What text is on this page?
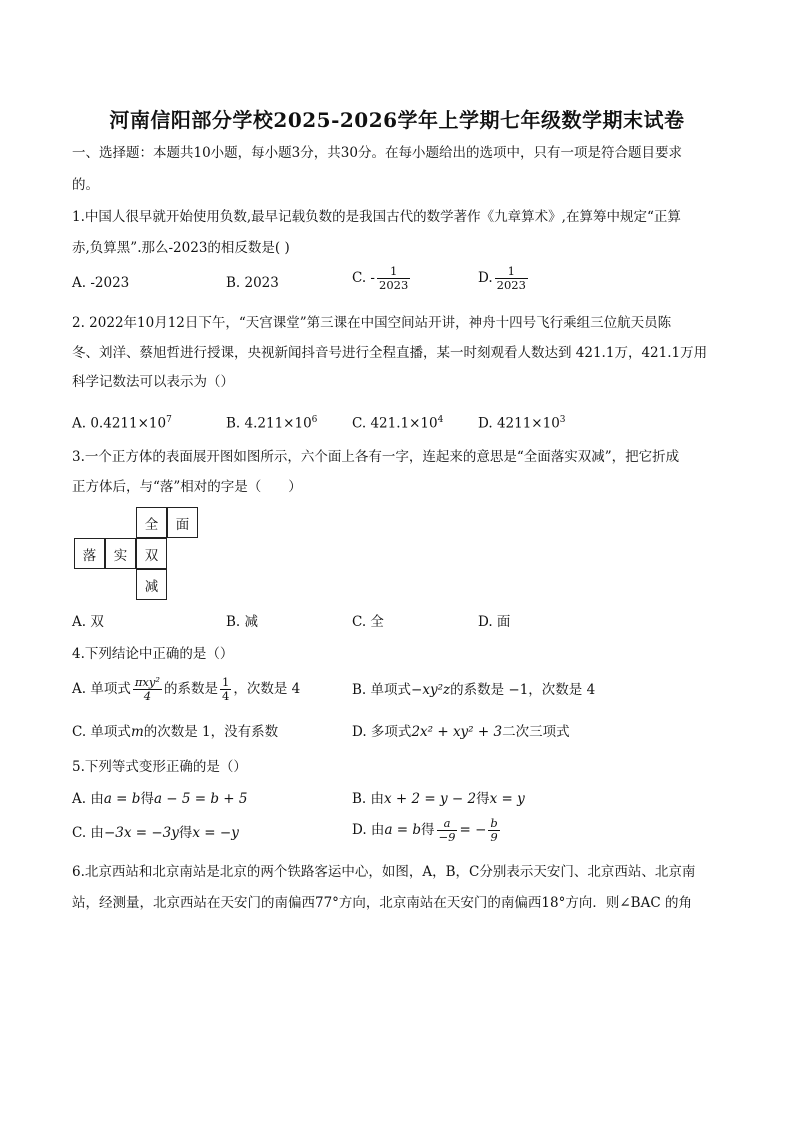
河南信阳部分学校2025-2026学年上学期七年级数学期末试卷
一、选择题：本题共10小题，每小题3分，共30分。在每小题给出的选项中，只有一项是符合题目要求
的。
1.中国人很早就开始使用负数,最早记载负数的是我国古代的数学著作《九章算术》,在算筹中规定“正算
赤,负算黑”.那么-2023的相反数是( )
A. -2023	B. 2023	C. - $\frac{1}{2023}$	D. $\frac{1}{2023}$
2. 2022年10月12日下午，“天宫课堂”第三课在中国空间站开讲，神舟十四号飞行乘组三位航天员陈
冬、刘洋、蔡旭哲进行授课，央视新闻抖音号进行全程直播，某一时刻观看人数达到 421.1万，421.1万用
科学记数法可以表示为（）
A. $0.4211\times 10^7$	B. $4.211\times 10^6$	C. $421.1\times 10^4$	D. $4211\times 10^3$
3.一个正方体的表面展开图如图所示，六个面上各有一字，连起来的意思是“全面落实双减”，把它折成
正方体后，与“落”相对的字是（　　）
全	面
落	实	双
减
A. 双	B. 减	C. 全	D. 面
4.下列结论中正确的是（）
A. 单项式 $\frac{\text{πxy²}}{4}$ 的系数是 $\frac{1}{4}$ ，次数是 4	B. 单项式−xy²z的系数是 −1，次数是 4
C. 单项式m的次数是 1，没有系数	D. 多项式2x² + xy² + 3二次三项式
5.下列等式变形正确的是（）
A. 由a = b得a − 5 = b + 5	B. 由x + 2 = y − 2得x = y
C. 由−3x = −3y得x = −y	D. 由a = b得 $\frac{a}{-9}$ = − $\frac{b}{9}$
6.北京西站和北京南站是北京的两个铁路客运中心，如图，A，B，C分别表示天安门、北京西站、北京南
站，经测量，北京西站在天安门的南偏西77°方向，北京南站在天安门的南偏西18°方向．则∠BAC 的角
